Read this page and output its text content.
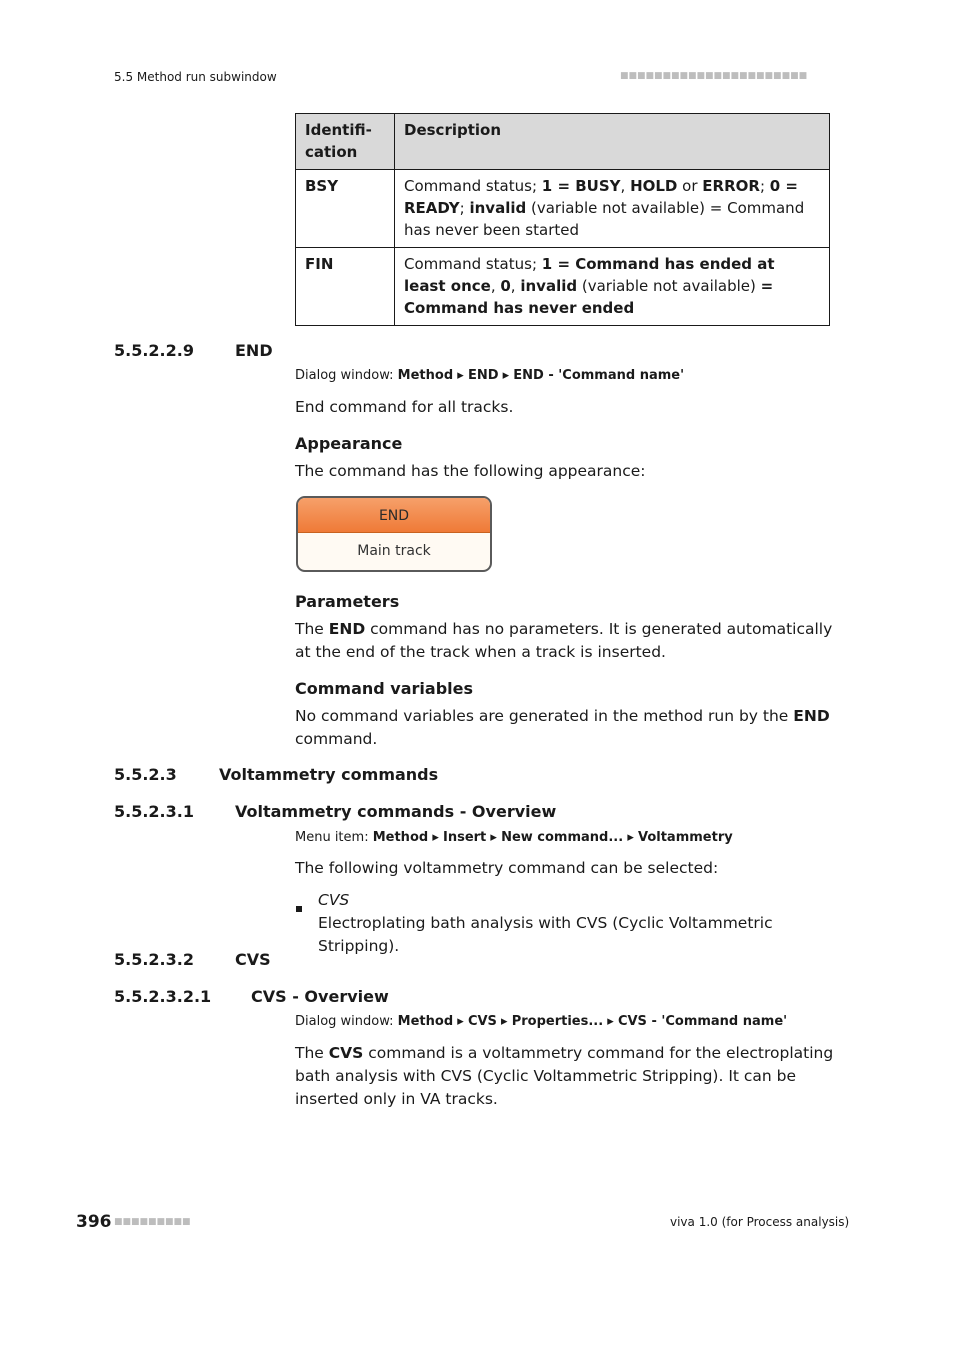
5.5 Method run subwindow	■■■■■■■■■■■■■■■■■■■■■■
Identifi-
cation	Description
BSY	Command status; 1 = BUSY, HOLD or ERROR; 0 = READY; invalid (variable not available) = Command has never been started
FIN	Command status; 1 = Command has ended at least once, 0, invalid (variable not available) = Command has never ended
5.5.2.2.9	END
Dialog window: Method ▸ END ▸ END - 'Command name'
End command for all tracks.
Appearance
The command has the following appearance:
END
Main track
Parameters
The END command has no parameters. It is generated automatically at the end of the track when a track is inserted.
Command variables
No command variables are generated in the method run by the END command.
5.5.2.3	Voltammetry commands
5.5.2.3.1	Voltammetry commands - Overview
Menu item: Method ▸ Insert ▸ New command... ▸ Voltammetry
The following voltammetry command can be selected:
CVS
Electroplating bath analysis with CVS (Cyclic Voltammetric Stripping).
5.5.2.3.2	CVS
5.5.2.3.2.1 CVS - Overview
Dialog window: Method ▸ CVS ▸ Properties... ▸ CVS - 'Command name'
The CVS command is a voltammetry command for the electroplating bath analysis with CVS (Cyclic Voltammetric Stripping). It can be inserted only in VA tracks.
396 ■■■■■■■■■	viva 1.0 (for Process analysis)
